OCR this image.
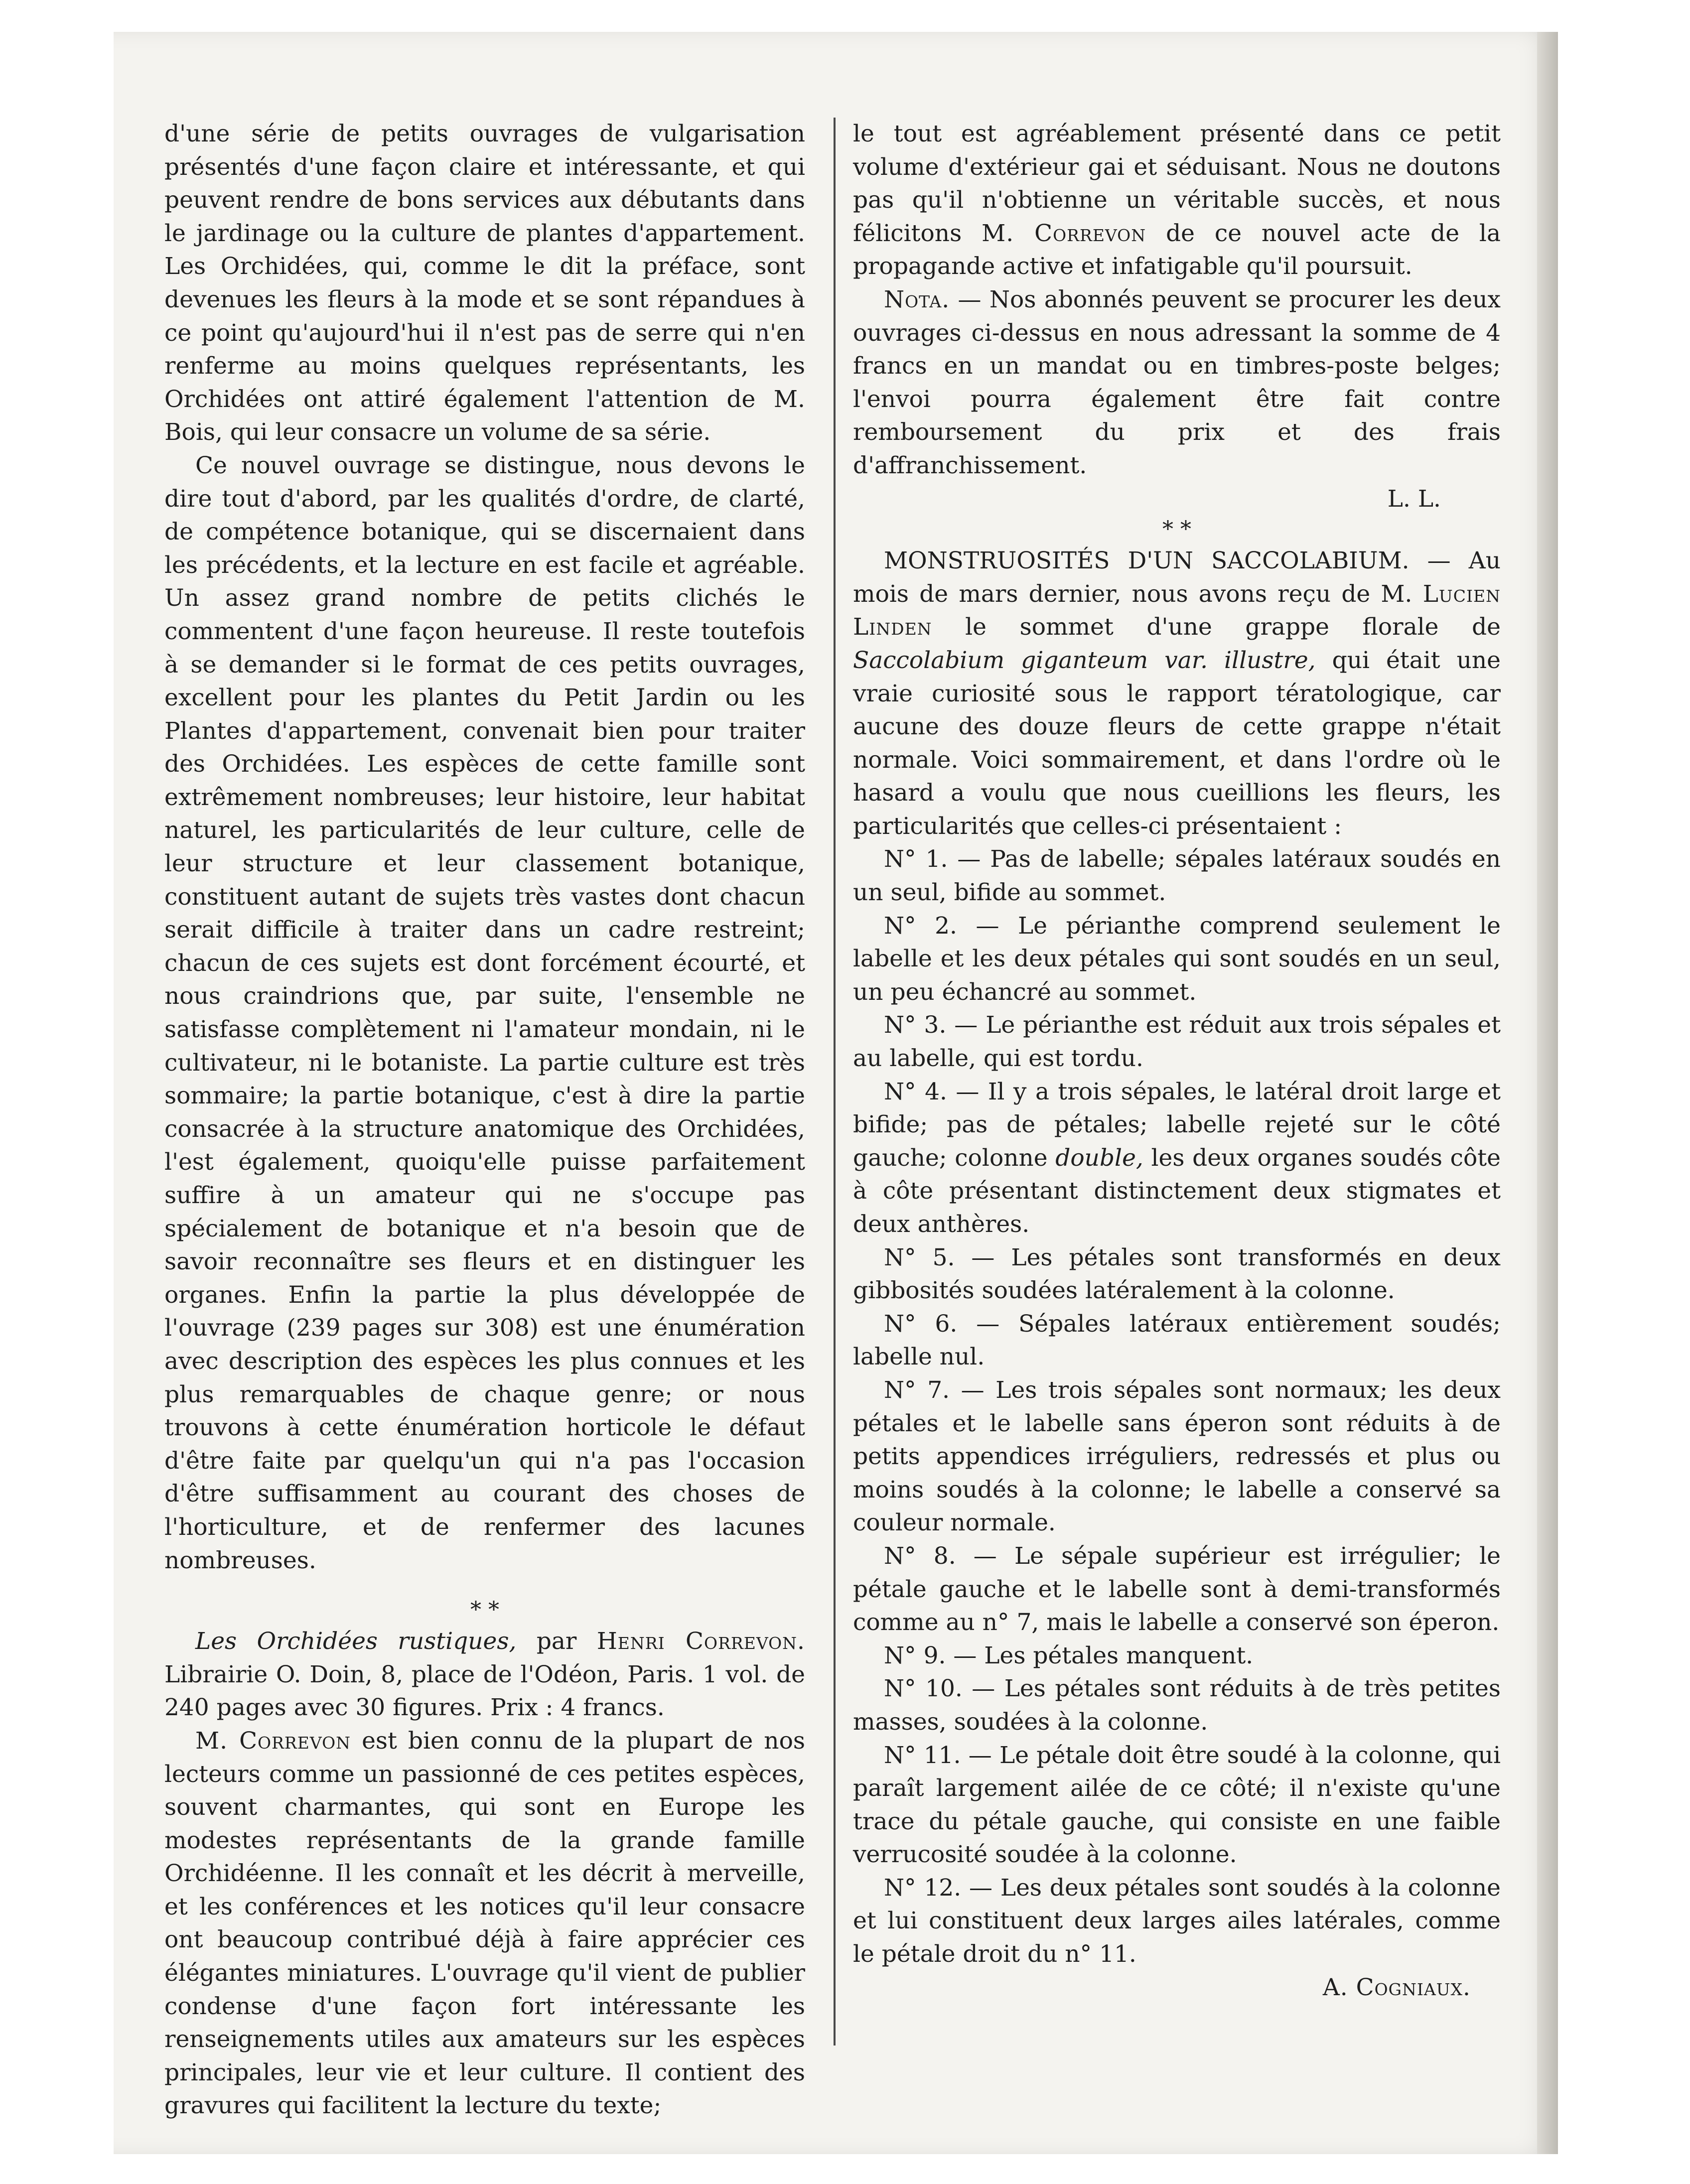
d'une série de petits ouvrages de vulgarisation présentés d'une façon claire et intéressante, et qui peuvent rendre de bons services aux débutants dans le jardinage ou la culture de plantes d'appartement. Les Orchidées, qui, comme le dit la préface, sont devenues les fleurs à la mode et se sont répandues à ce point qu'aujourd'hui il n'est pas de serre qui n'en renferme au moins quelques représentants, les Orchidées ont attiré également l'attention de M. Bois, qui leur consacre un volume de sa série.

Ce nouvel ouvrage se distingue, nous devons le dire tout d'abord, par les qualités d'ordre, de clarté, de compétence botanique, qui se discernaient dans les précédents, et la lecture en est facile et agréable. Un assez grand nombre de petits clichés le commentent d'une façon heureuse. Il reste toutefois à se demander si le format de ces petits ouvrages, excellent pour les plantes du Petit Jardin ou les Plantes d'appartement, convenait bien pour traiter des Orchidées. Les espèces de cette famille sont extrêmement nombreuses; leur histoire, leur habitat naturel, les particularités de leur culture, celle de leur structure et leur classement botanique, constituent autant de sujets très vastes dont chacun serait difficile à traiter dans un cadre restreint; chacun de ces sujets est dont forcément écourté, et nous craindrions que, par suite, l'ensemble ne satisfasse complètement ni l'amateur mondain, ni le cultivateur, ni le botaniste. La partie culture est très sommaire; la partie botanique, c'est à dire la partie consacrée à la structure anatomique des Orchidées, l'est également, quoiqu'elle puisse parfaitement suffire à un amateur qui ne s'occupe pas spécialement de botanique et n'a besoin que de savoir reconnaître ses fleurs et en distinguer les organes. Enfin la partie la plus développée de l'ouvrage (239 pages sur 308) est une énumération avec description des espèces les plus connues et les plus remarquables de chaque genre; or nous trouvons à cette énumération horticole le défaut d'être faite par quelqu'un qui n'a pas l'occasion d'être suffisamment au courant des choses de l'horticulture, et de renfermer des lacunes nombreuses.

* *

Les Orchidées rustiques, par Henri Correvon. Librairie O. Doin, 8, place de l'Odéon, Paris. 1 vol. de 240 pages avec 30 figures. Prix : 4 francs.

M. Correvon est bien connu de la plupart de nos lecteurs comme un passionné de ces petites espèces, souvent charmantes, qui sont en Europe les modestes représentants de la grande famille Orchidéenne. Il les connaît et les décrit à merveille, et les conférences et les notices qu'il leur consacre ont beaucoup contribué déjà à faire apprécier ces élégantes miniatures. L'ouvrage qu'il vient de publier condense d'une façon fort intéressante les renseignements utiles aux amateurs sur les espèces principales, leur vie et leur culture. Il contient des gravures qui facilitent la lecture du texte;

le tout est agréablement présenté dans ce petit volume d'extérieur gai et séduisant. Nous ne doutons pas qu'il n'obtienne un véritable succès, et nous félicitons M. Correvon de ce nouvel acte de la propagande active et infatigable qu'il poursuit.

Nota. — Nos abonnés peuvent se procurer les deux ouvrages ci-dessus en nous adressant la somme de 4 francs en un mandat ou en timbres-poste belges; l'envoi pourra également être fait contre remboursement du prix et des frais d'affranchissement.

L. L.

* *

MONSTRUOSITÉS D'UN SACCOLABIUM. — Au mois de mars dernier, nous avons reçu de M. Lucien Linden le sommet d'une grappe florale de Saccolabium giganteum var. illustre, qui était une vraie curiosité sous le rapport tératologique, car aucune des douze fleurs de cette grappe n'était normale. Voici sommairement, et dans l'ordre où le hasard a voulu que nous cueillions les fleurs, les particularités que celles-ci présentaient :

N° 1. — Pas de labelle; sépales latéraux soudés en un seul, bifide au sommet.

N° 2. — Le périanthe comprend seulement le labelle et les deux pétales qui sont soudés en un seul, un peu échancré au sommet.

N° 3. — Le périanthe est réduit aux trois sépales et au labelle, qui est tordu.

N° 4. — Il y a trois sépales, le latéral droit large et bifide; pas de pétales; labelle rejeté sur le côté gauche; colonne double, les deux organes soudés côte à côte présentant distinctement deux stigmates et deux anthères.

N° 5. — Les pétales sont transformés en deux gibbosités soudées latéralement à la colonne.

N° 6. — Sépales latéraux entièrement soudés; labelle nul.

N° 7. — Les trois sépales sont normaux; les deux pétales et le labelle sans éperon sont réduits à de petits appendices irréguliers, redressés et plus ou moins soudés à la colonne; le labelle a conservé sa couleur normale.

N° 8. — Le sépale supérieur est irrégulier; le pétale gauche et le labelle sont à demi-transformés comme au n° 7, mais le labelle a conservé son éperon.

N° 9. — Les pétales manquent.

N° 10. — Les pétales sont réduits à de très petites masses, soudées à la colonne.

N° 11. — Le pétale doit être soudé à la colonne, qui paraît largement ailée de ce côté; il n'existe qu'une trace du pétale gauche, qui consiste en une faible verrucosité soudée à la colonne.

N° 12. — Les deux pétales sont soudés à la colonne et lui constituent deux larges ailes latérales, comme le pétale droit du n° 11.

A. Cogniaux.
